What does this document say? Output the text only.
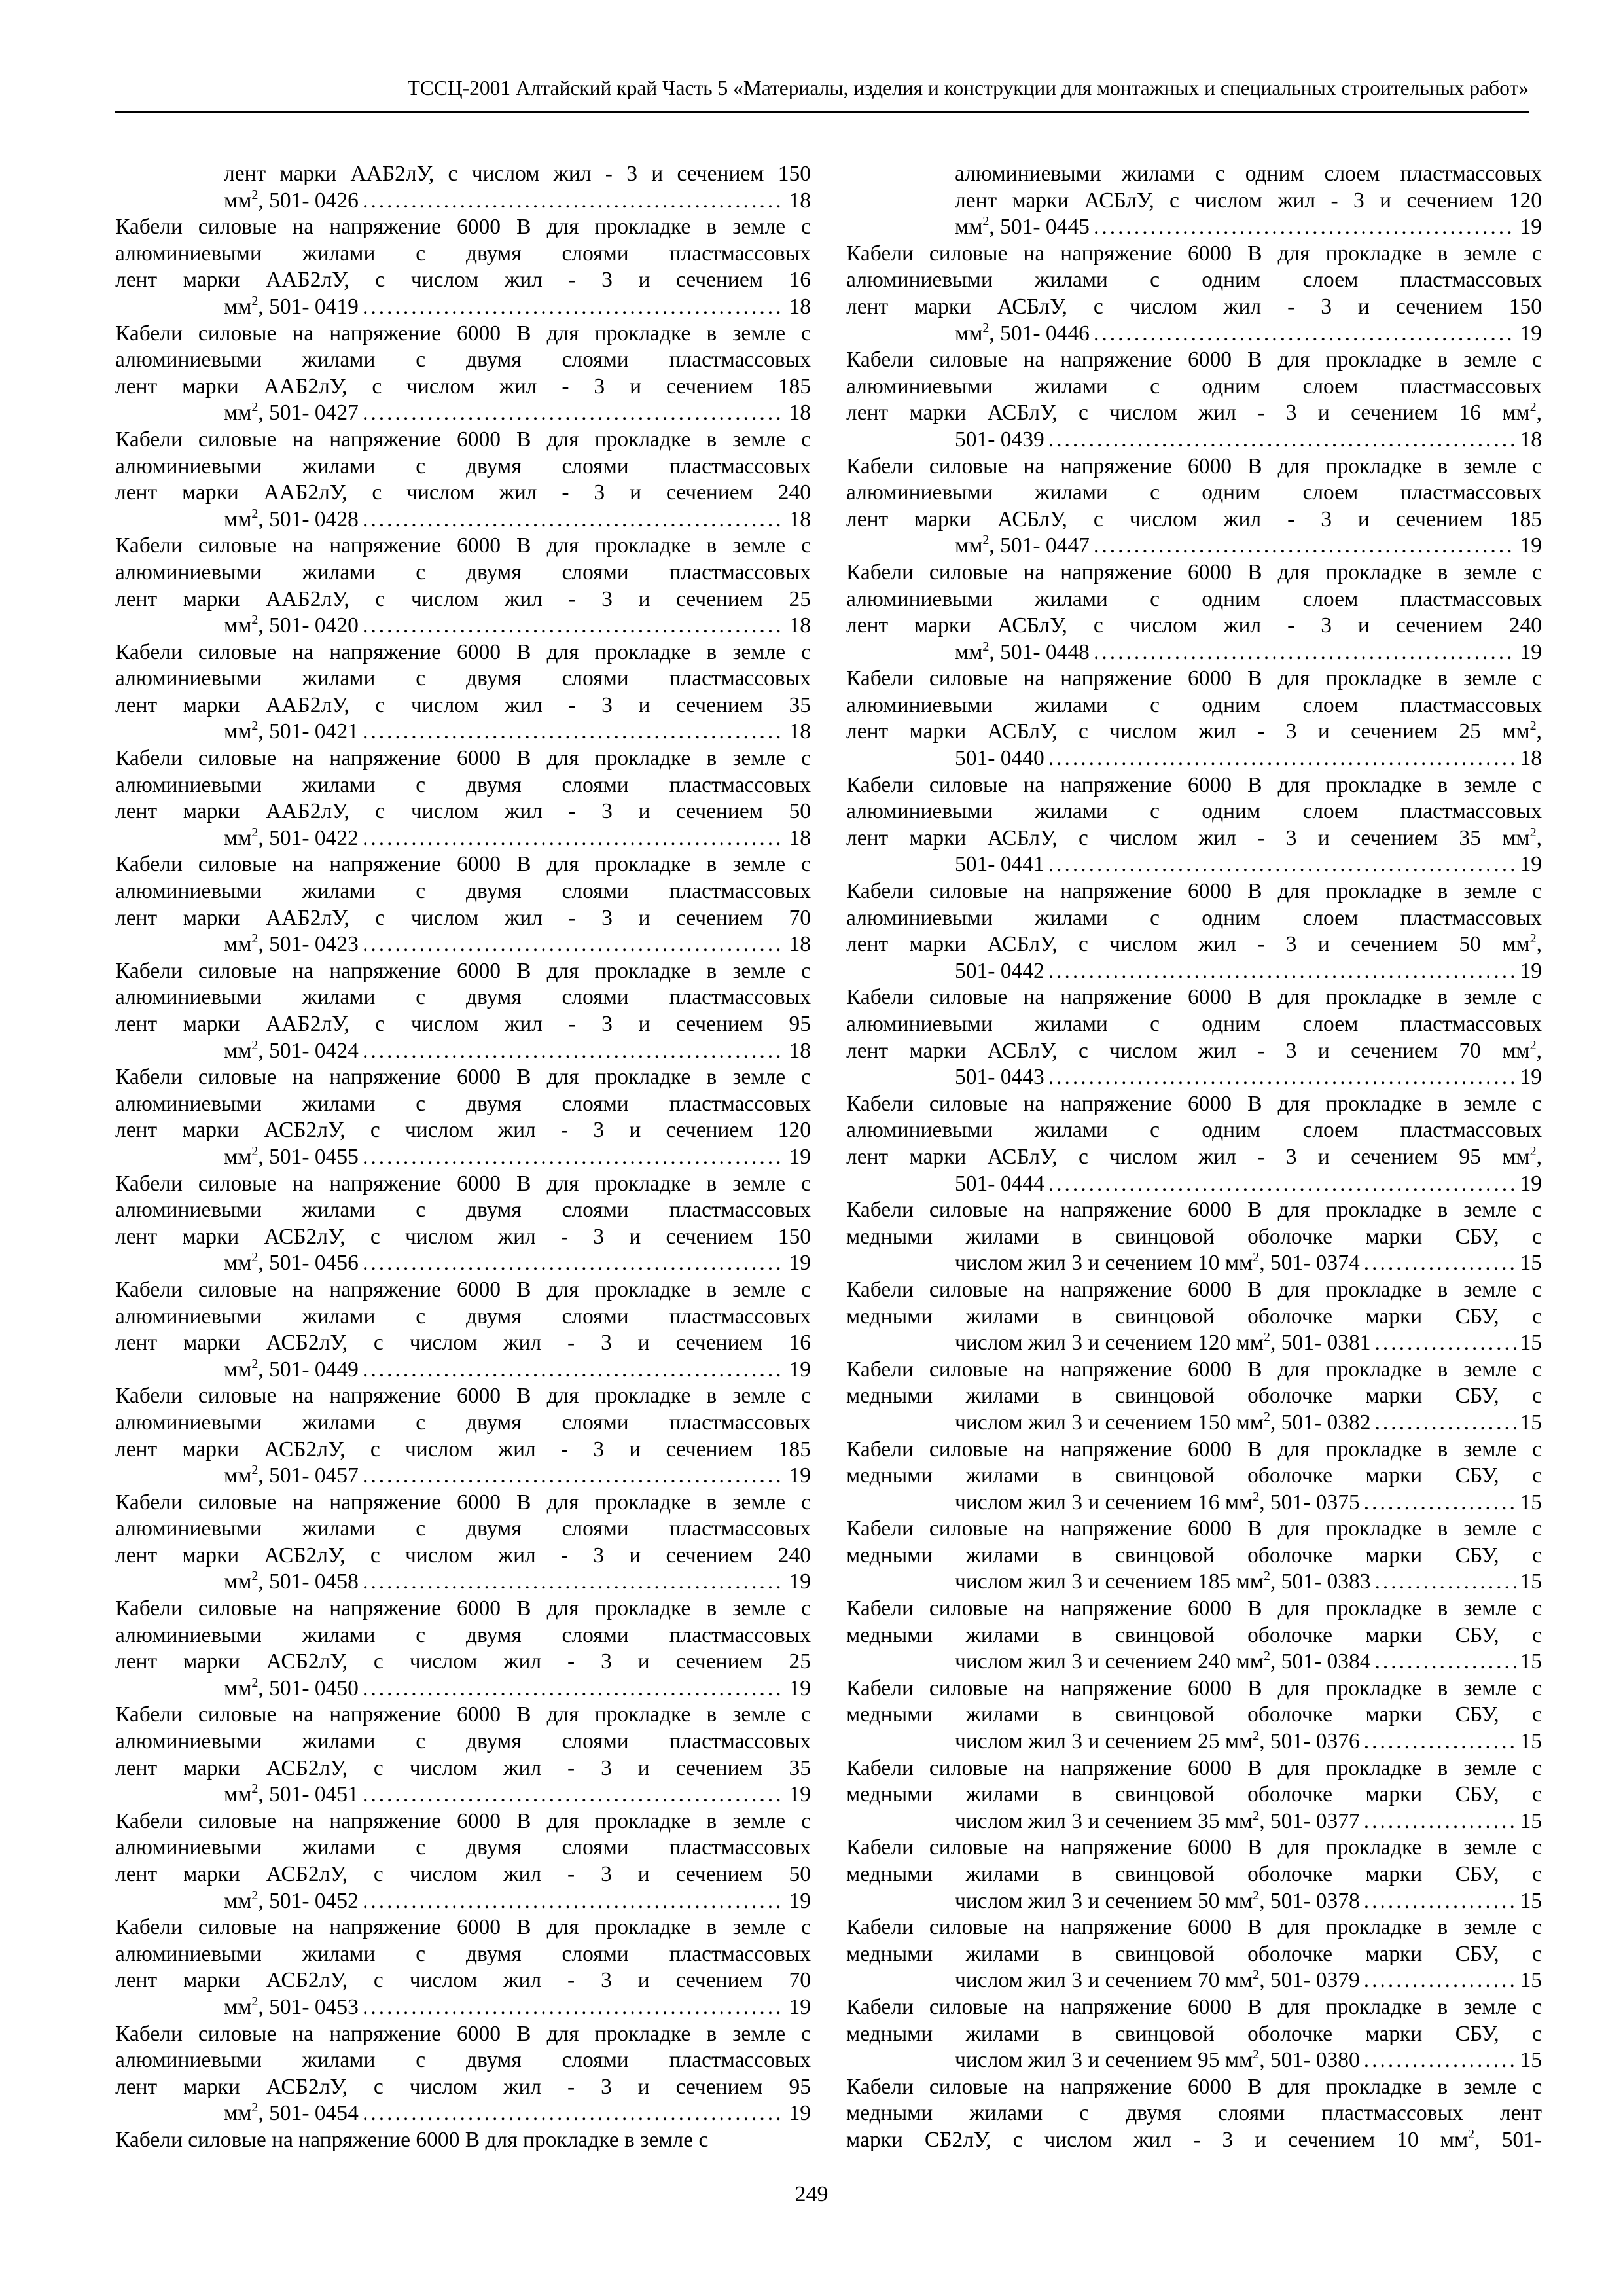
ТССЦ-2001 Алтайский край Часть 5 «Материалы, изделия и конструкции для монтажных и специальных строительных работ»
лент марки ААБ2лУ, с числом жил - 3 и сечением 150
$мм^2$, 501- 0426 .....	18
Кабели силовые на напряжение 6000 В для прокладке в земле с
алюминиевыми жилами с двумя слоями пластмассовых
лент марки ААБ2лУ, с числом жил - 3 и сечением 16
$мм^2$, 501- 0419 .....	18
Кабели силовые на напряжение 6000 В для прокладке в земле с
алюминиевыми жилами с двумя слоями пластмассовых
лент марки ААБ2лУ, с числом жил - 3 и сечением 185
$мм^2$, 501- 0427 .....	18
Кабели силовые на напряжение 6000 В для прокладке в земле с
алюминиевыми жилами с двумя слоями пластмассовых
лент марки ААБ2лУ, с числом жил - 3 и сечением 240
$мм^2$, 501- 0428 .....	18
Кабели силовые на напряжение 6000 В для прокладке в земле с
алюминиевыми жилами с двумя слоями пластмассовых
лент марки ААБ2лУ, с числом жил - 3 и сечением 25
$мм^2$, 501- 0420 .....	18
Кабели силовые на напряжение 6000 В для прокладке в земле с
алюминиевыми жилами с двумя слоями пластмассовых
лент марки ААБ2лУ, с числом жил - 3 и сечением 35
$мм^2$, 501- 0421 .....	18
Кабели силовые на напряжение 6000 В для прокладке в земле с
алюминиевыми жилами с двумя слоями пластмассовых
лент марки ААБ2лУ, с числом жил - 3 и сечением 50
$мм^2$, 501- 0422 .....	18
Кабели силовые на напряжение 6000 В для прокладке в земле с
алюминиевыми жилами с двумя слоями пластмассовых
лент марки ААБ2лУ, с числом жил - 3 и сечением 70
$мм^2$, 501- 0423 .....	18
Кабели силовые на напряжение 6000 В для прокладке в земле с
алюминиевыми жилами с двумя слоями пластмассовых
лент марки ААБ2лУ, с числом жил - 3 и сечением 95
$мм^2$, 501- 0424 .....	18
Кабели силовые на напряжение 6000 В для прокладке в земле с
алюминиевыми жилами с двумя слоями пластмассовых
лент марки АСБ2лУ, с числом жил - 3 и сечением 120
$мм^2$, 501- 0455 .....	19
Кабели силовые на напряжение 6000 В для прокладке в земле с
алюминиевыми жилами с двумя слоями пластмассовых
лент марки АСБ2лУ, с числом жил - 3 и сечением 150
$мм^2$, 501- 0456 .....	19
Кабели силовые на напряжение 6000 В для прокладке в земле с
алюминиевыми жилами с двумя слоями пластмассовых
лент марки АСБ2лУ, с числом жил - 3 и сечением 16
$мм^2$, 501- 0449 .....	19
Кабели силовые на напряжение 6000 В для прокладке в земле с
алюминиевыми жилами с двумя слоями пластмассовых
лент марки АСБ2лУ, с числом жил - 3 и сечением 185
$мм^2$, 501- 0457 .....	19
Кабели силовые на напряжение 6000 В для прокладке в земле с
алюминиевыми жилами с двумя слоями пластмассовых
лент марки АСБ2лУ, с числом жил - 3 и сечением 240
$мм^2$, 501- 0458 .....	19
Кабели силовые на напряжение 6000 В для прокладке в земле с
алюминиевыми жилами с двумя слоями пластмассовых
лент марки АСБ2лУ, с числом жил - 3 и сечением 25
$мм^2$, 501- 0450 .....	19
Кабели силовые на напряжение 6000 В для прокладке в земле с
алюминиевыми жилами с двумя слоями пластмассовых
лент марки АСБ2лУ, с числом жил - 3 и сечением 35
$мм^2$, 501- 0451 .....	19
Кабели силовые на напряжение 6000 В для прокладке в земле с
алюминиевыми жилами с двумя слоями пластмассовых
лент марки АСБ2лУ, с числом жил - 3 и сечением 50
$мм^2$, 501- 0452 .....	19
Кабели силовые на напряжение 6000 В для прокладке в земле с
алюминиевыми жилами с двумя слоями пластмассовых
лент марки АСБ2лУ, с числом жил - 3 и сечением 70
$мм^2$, 501- 0453 .....	19
Кабели силовые на напряжение 6000 В для прокладке в земле с
алюминиевыми жилами с двумя слоями пластмассовых
лент марки АСБ2лУ, с числом жил - 3 и сечением 95
$мм^2$, 501- 0454 .....	19
Кабели силовые на напряжение 6000 В для прокладке в земле с
алюминиевыми жилами с одним слоем пластмассовых
лент марки АСБлУ, с числом жил - 3 и сечением 120
$мм^2$, 501- 0445 .....	19
Кабели силовые на напряжение 6000 В для прокладке в земле с
алюминиевыми жилами с одним слоем пластмассовых
лент марки АСБлУ, с числом жил - 3 и сечением 150
$мм^2$, 501- 0446 .....	19
Кабели силовые на напряжение 6000 В для прокладке в земле с
алюминиевыми жилами с одним слоем пластмассовых
лент марки АСБлУ, с числом жил - 3 и сечением 16 $мм^2$,
501- 0439 .....	18
Кабели силовые на напряжение 6000 В для прокладке в земле с
алюминиевыми жилами с одним слоем пластмассовых
лент марки АСБлУ, с числом жил - 3 и сечением 185
$мм^2$, 501- 0447 .....	19
Кабели силовые на напряжение 6000 В для прокладке в земле с
алюминиевыми жилами с одним слоем пластмассовых
лент марки АСБлУ, с числом жил - 3 и сечением 240
$мм^2$, 501- 0448 .....	19
Кабели силовые на напряжение 6000 В для прокладке в земле с
алюминиевыми жилами с одним слоем пластмассовых
лент марки АСБлУ, с числом жил - 3 и сечением 25 $мм^2$,
501- 0440 .....	18
Кабели силовые на напряжение 6000 В для прокладке в земле с
алюминиевыми жилами с одним слоем пластмассовых
лент марки АСБлУ, с числом жил - 3 и сечением 35 $мм^2$,
501- 0441 .....	19
Кабели силовые на напряжение 6000 В для прокладке в земле с
алюминиевыми жилами с одним слоем пластмассовых
лент марки АСБлУ, с числом жил - 3 и сечением 50 $мм^2$,
501- 0442 .....	19
Кабели силовые на напряжение 6000 В для прокладке в земле с
алюминиевыми жилами с одним слоем пластмассовых
лент марки АСБлУ, с числом жил - 3 и сечением 70 $мм^2$,
501- 0443 .....	19
Кабели силовые на напряжение 6000 В для прокладке в земле с
алюминиевыми жилами с одним слоем пластмассовых
лент марки АСБлУ, с числом жил - 3 и сечением 95 $мм^2$,
501- 0444 .....	19
Кабели силовые на напряжение 6000 В для прокладке в земле с
медными жилами в свинцовой оболочке марки СБУ, с
числом жил 3 и сечением 10 $мм^2$, 501- 0374 .....	15
Кабели силовые на напряжение 6000 В для прокладке в земле с
медными жилами в свинцовой оболочке марки СБУ, с
числом жил 3 и сечением 120 $мм^2$, 501- 0381 .....	15
Кабели силовые на напряжение 6000 В для прокладке в земле с
медными жилами в свинцовой оболочке марки СБУ, с
числом жил 3 и сечением 150 $мм^2$, 501- 0382 .....	15
Кабели силовые на напряжение 6000 В для прокладке в земле с
медными жилами в свинцовой оболочке марки СБУ, с
числом жил 3 и сечением 16 $мм^2$, 501- 0375 .....	15
Кабели силовые на напряжение 6000 В для прокладке в земле с
медными жилами в свинцовой оболочке марки СБУ, с
числом жил 3 и сечением 185 $мм^2$, 501- 0383 .....	15
Кабели силовые на напряжение 6000 В для прокладке в земле с
медными жилами в свинцовой оболочке марки СБУ, с
числом жил 3 и сечением 240 $мм^2$, 501- 0384 .....	15
Кабели силовые на напряжение 6000 В для прокладке в земле с
медными жилами в свинцовой оболочке марки СБУ, с
числом жил 3 и сечением 25 $мм^2$, 501- 0376 .....	15
Кабели силовые на напряжение 6000 В для прокладке в земле с
медными жилами в свинцовой оболочке марки СБУ, с
числом жил 3 и сечением 35 $мм^2$, 501- 0377 .....	15
Кабели силовые на напряжение 6000 В для прокладке в земле с
медными жилами в свинцовой оболочке марки СБУ, с
числом жил 3 и сечением 50 $мм^2$, 501- 0378 .....	15
Кабели силовые на напряжение 6000 В для прокладке в земле с
медными жилами в свинцовой оболочке марки СБУ, с
числом жил 3 и сечением 70 $мм^2$, 501- 0379 .....	15
Кабели силовые на напряжение 6000 В для прокладке в земле с
медными жилами в свинцовой оболочке марки СБУ, с
числом жил 3 и сечением 95 $мм^2$, 501- 0380 .....	15
Кабели силовые на напряжение 6000 В для прокладке в земле с
медными жилами с двумя слоями пластмассовых лент
марки СБ2лУ, с числом жил - 3 и сечением 10 $мм^2$, 501-
249
